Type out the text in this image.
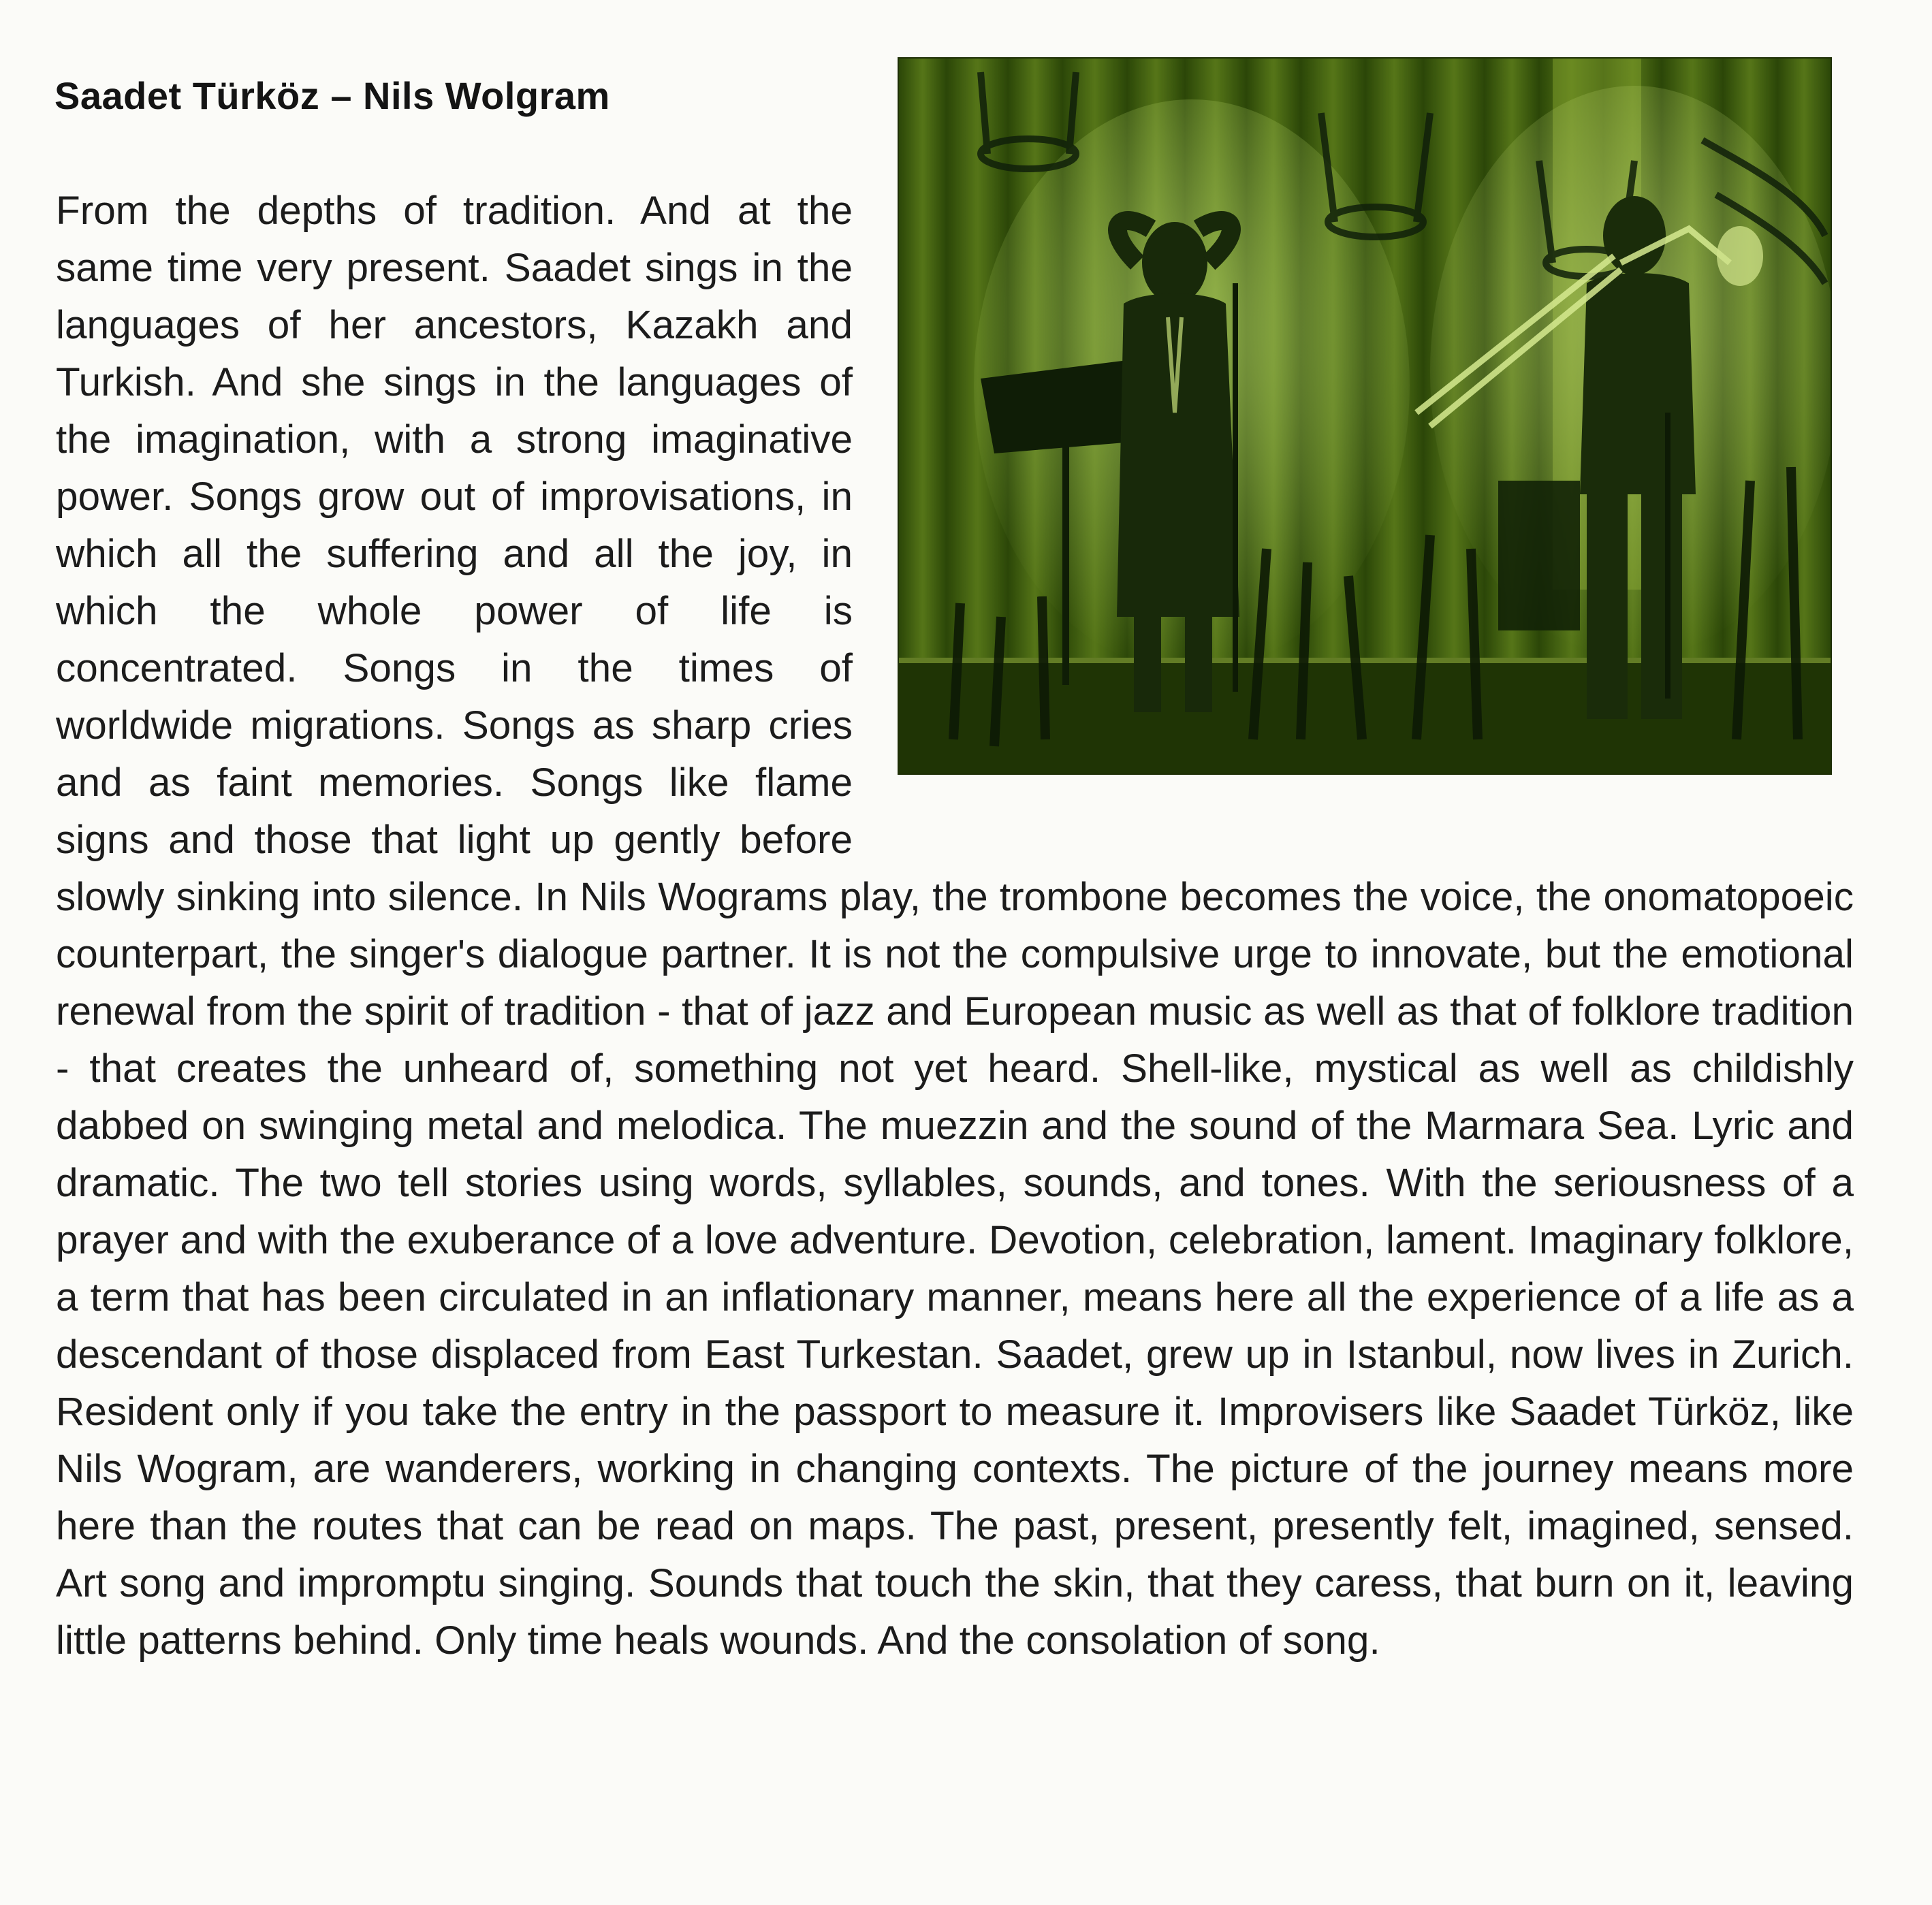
Saadet Türköz – Nils Wolgram

From the depths of tradition. And at the same time very present. Saadet sings in the languages of her ancestors, Kazakh and Turkish. And she sings in the languages of the imagination, with a strong imaginative power. Songs grow out of improvisations, in which all the suffering and all the joy, in which the whole power of life is concentrated. Songs in the times of worldwide migrations. Songs as sharp cries and as faint memories. Songs like flame signs and those that light up gently before slowly sinking into silence. In Nils Wograms play, the trombone becomes the voice, the onomatopoeic counterpart, the singer's dialogue partner. It is not the compulsive urge to innovate, but the emotional renewal from the spirit of tradition - that of jazz and European music as well as that of folklore tradition - that creates the unheard of, something not yet heard. Shell-like, mystical as well as childishly dabbed on swinging metal and melodica. The muezzin and the sound of the Marmara Sea. Lyric and dramatic. The two tell stories using words, syllables, sounds, and tones. With the seriousness of a prayer and with the exuberance of a love adventure. Devotion, celebration, lament. Imaginary folklore, a term that has been circulated in an inflationary manner, means here all the experience of a life as a descendant of those displaced from East Turkestan. Saadet, grew up in Istanbul, now lives in Zurich. Resident only if you take the entry in the passport to measure it. Improvisers like Saadet Türköz, like Nils Wogram, are wanderers, working in changing contexts. The picture of the journey means more here than the routes that can be read on maps. The past, present, presently felt, imagined, sensed. Art song and impromptu singing. Sounds that touch the skin, that they caress, that burn on it, leaving little patterns behind. Only time heals wounds. And the consolation of song.
